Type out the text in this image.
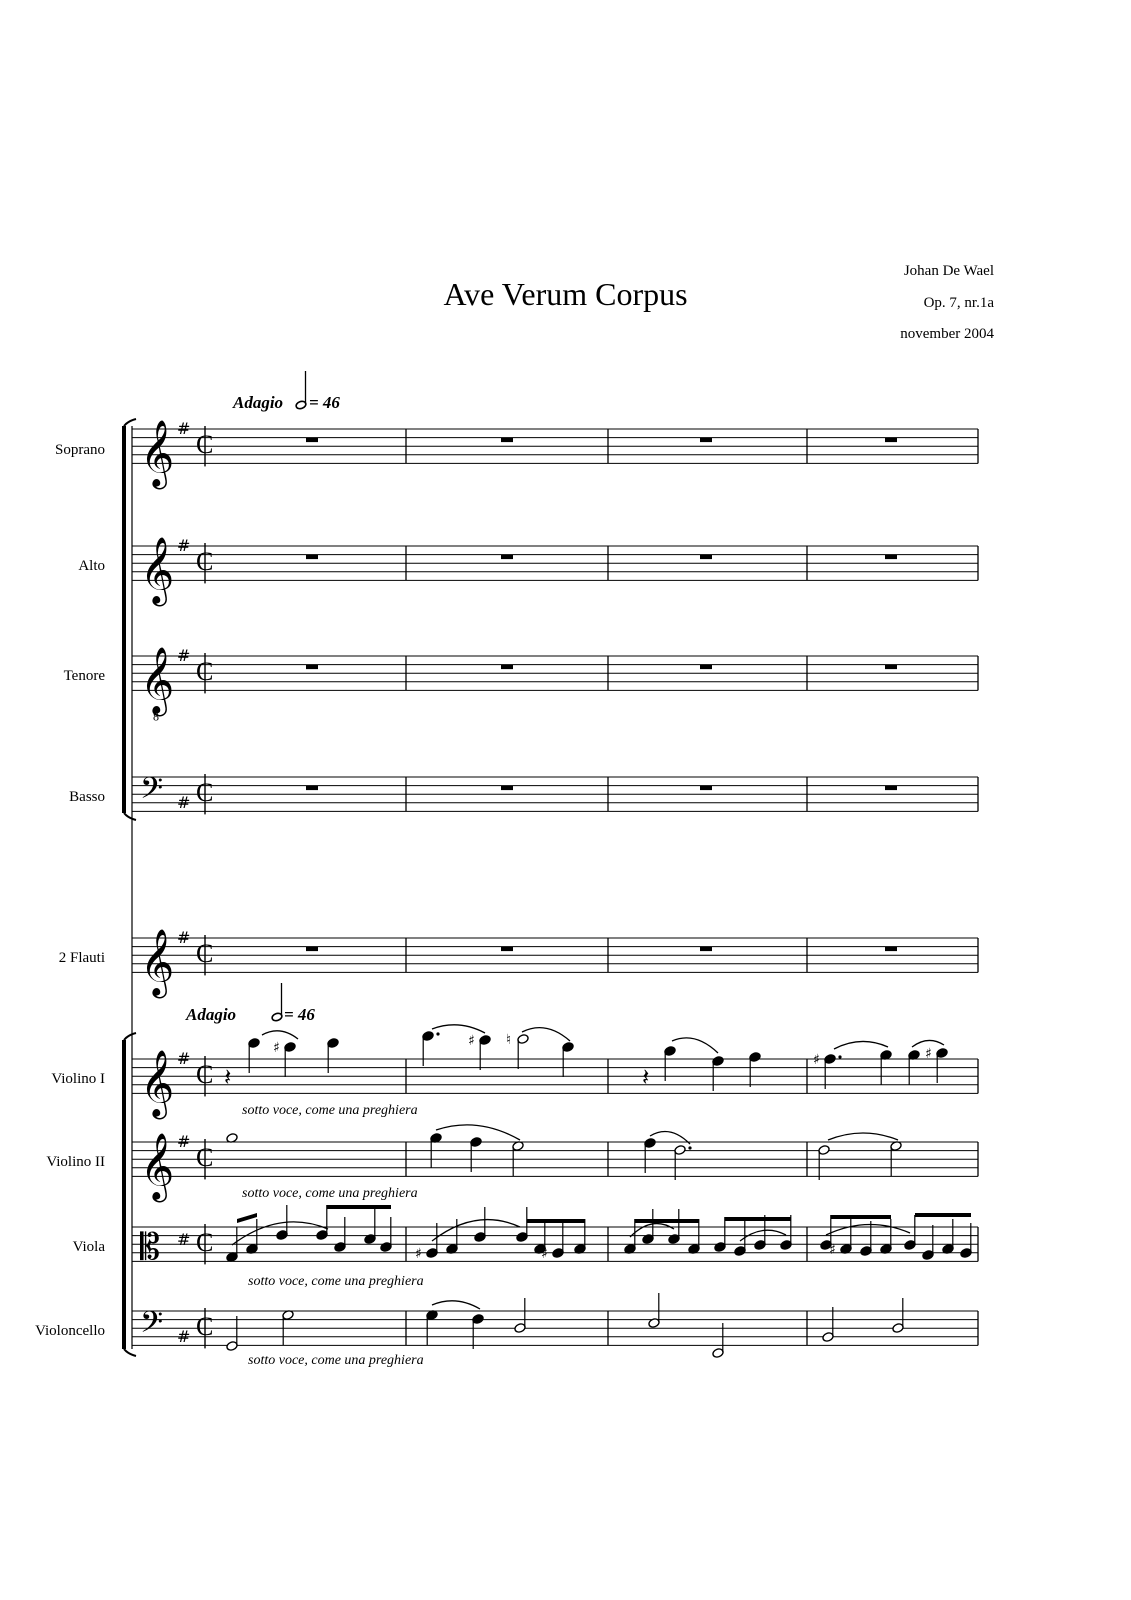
Ave Verum Corpus
Johan De Wael
Op. 7, nr.1a
november 2004
Adagio = 46
Adagio	= 46
Soprano
Alto
Tenore
Basso
2 Flauti
Violino I
Violino II
Viola
Violoncello
sotto voce, come una preghiera
sotto voce, come una preghiera
sotto voce, come una preghiera
sotto voce, come una preghiera
𝄞 #
C
𝄞 #
C
𝄞
8
#
C
𝄢 # C
𝄞 #
C
𝄞 #
C
𝄞 #
C
𝄡 # C
𝄢 # C
𝄽
♯	♯ ♮
𝄽
♯	♯
♯	♯	♯
